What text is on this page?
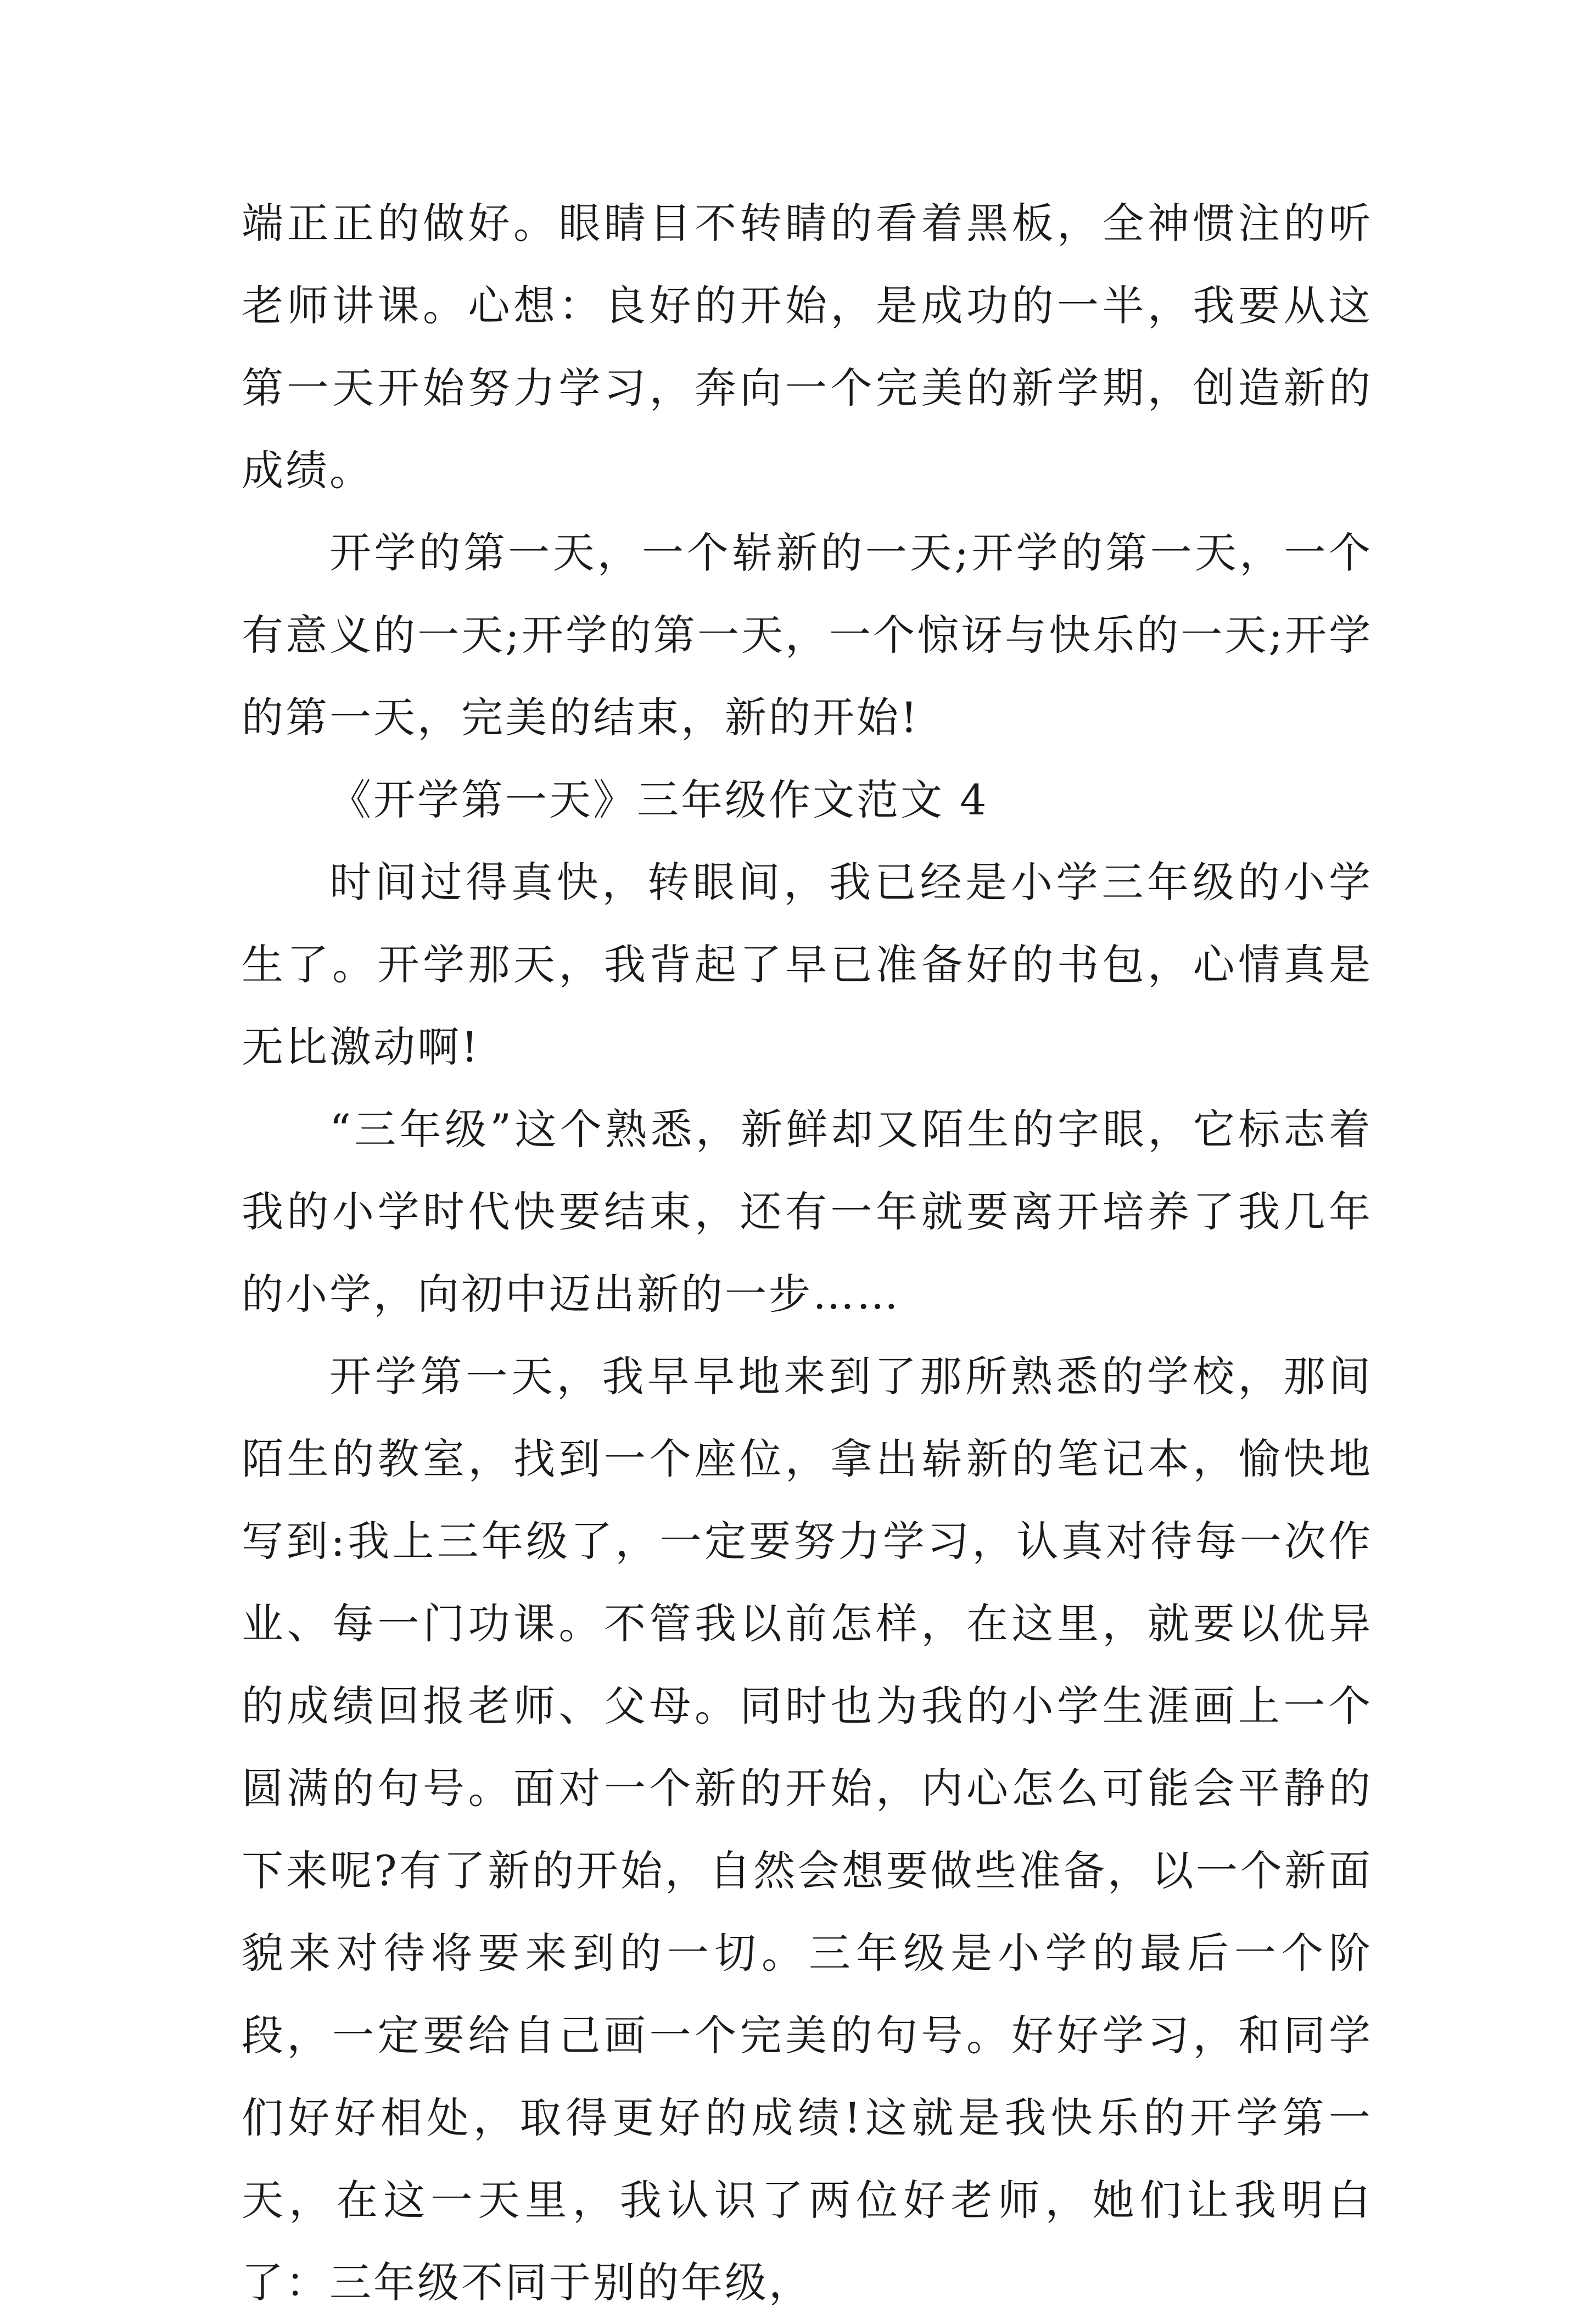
端正正的做好。眼睛目不转睛的看着黑板，全神惯注的听老师讲课。心想：良好的开始，是成功的一半，我要从这第一天开始努力学习，奔向一个完美的新学期，创造新的成绩。

开学的第一天，一个崭新的一天;开学的第一天，一个有意义的一天;开学的第一天，一个惊讶与快乐的一天;开学的第一天，完美的结束，新的开始!

《开学第一天》三年级作文范文 4

时间过得真快，转眼间，我已经是小学三年级的小学生了。开学那天，我背起了早已准备好的书包，心情真是无比激动啊!

“三年级”这个熟悉，新鲜却又陌生的字眼，它标志着我的小学时代快要结束，还有一年就要离开培养了我几年的小学，向初中迈出新的一步……

开学第一天，我早早地来到了那所熟悉的学校，那间陌生的教室，找到一个座位，拿出崭新的笔记本，愉快地写到:我上三年级了，一定要努力学习，认真对待每一次作业、每一门功课。不管我以前怎样，在这里，就要以优异的成绩回报老师、父母。同时也为我的小学生涯画上一个圆满的句号。面对一个新的开始，内心怎么可能会平静的下来呢?有了新的开始，自然会想要做些准备，以一个新面貌来对待将要来到的一切。三年级是小学的最后一个阶段，一定要给自己画一个完美的句号。好好学习，和同学们好好相处，取得更好的成绩!这就是我快乐的开学第一天，在这一天里，我认识了两位好老师，她们让我明白了：三年级不同于别的年级，
